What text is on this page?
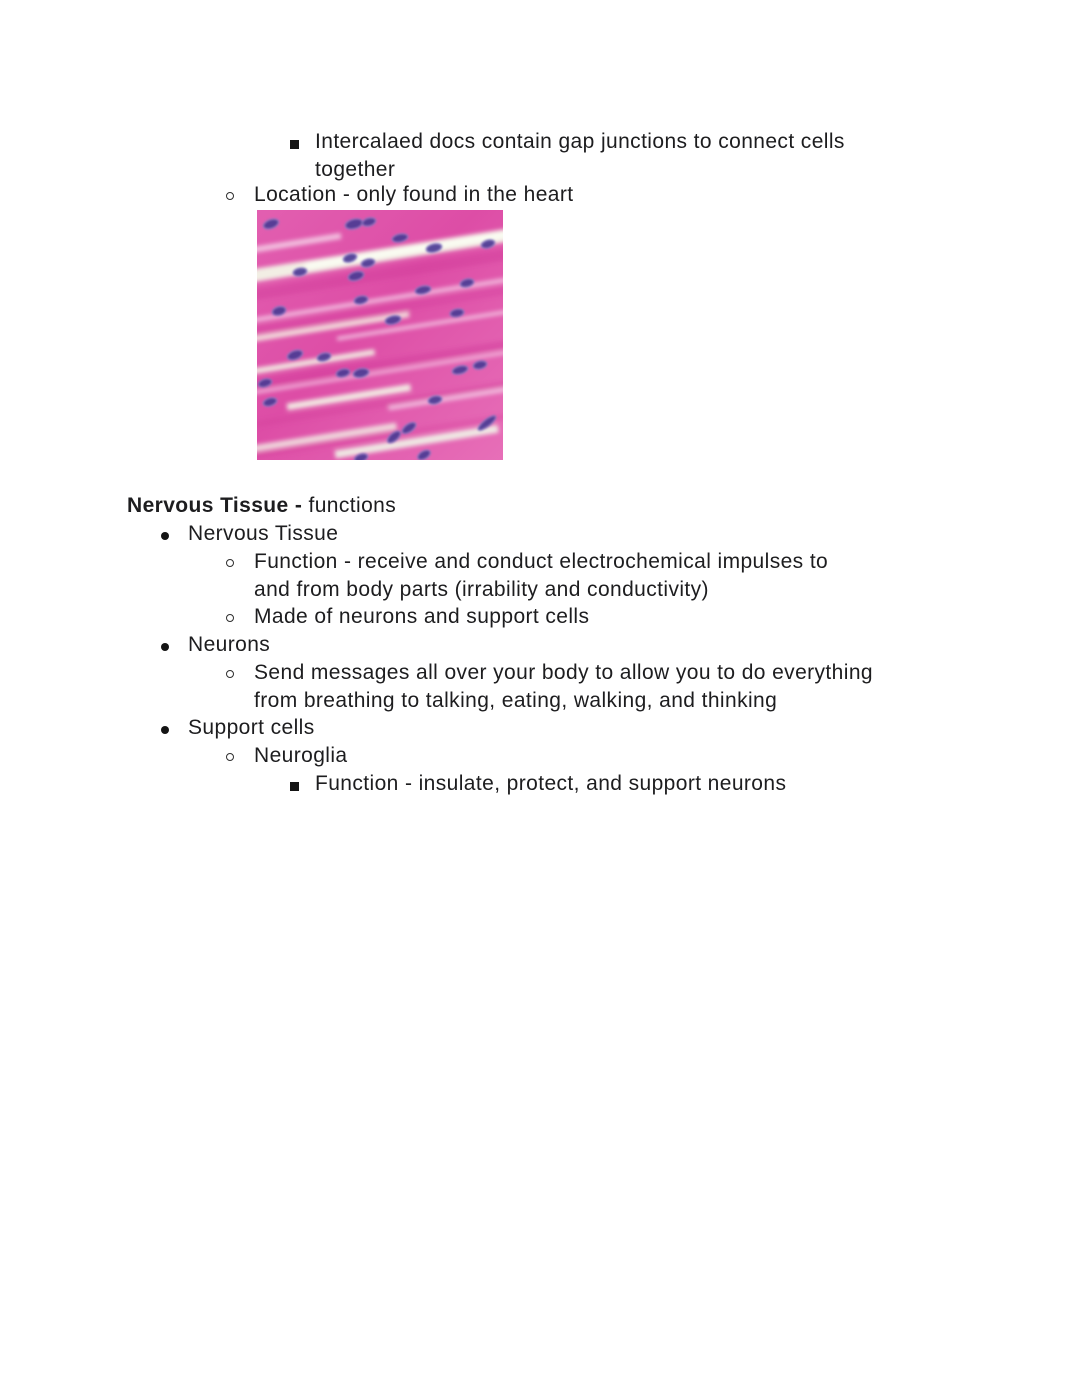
Intercalaed docs contain gap junctions to connect cells
together
Location - only found in the heart
Nervous Tissue - functions
Nervous Tissue
Function - receive and conduct electrochemical impulses to
and from body parts (irrability and conductivity)
Made of neurons and support cells
Neurons
Send messages all over your body to allow you to do everything
from breathing to talking, eating, walking, and thinking
Support cells
Neuroglia
Function - insulate, protect, and support neurons
